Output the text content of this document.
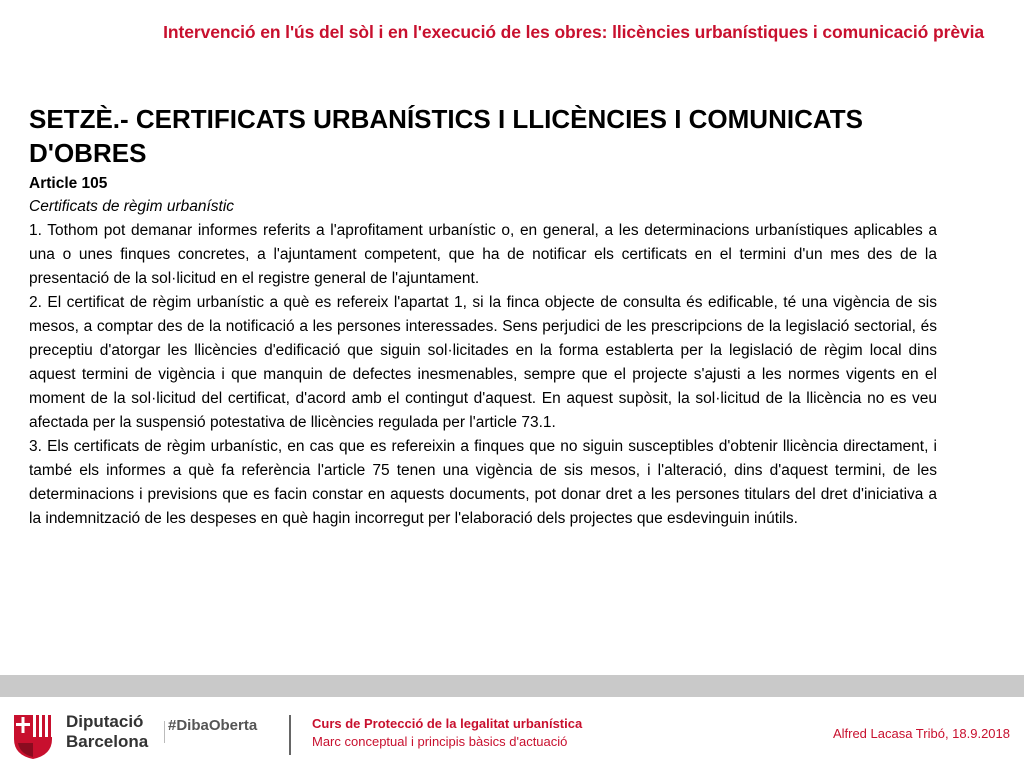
Intervenció en l'ús del sòl i en l'execució de les obres: llicències urbanístiques i comunicació prèvia
SETZÈ.- CERTIFICATS URBANÍSTICS I LLICÈNCIES I COMUNICATS D'OBRES
Article 105
Certificats de règim urbanístic

1. Tothom pot demanar informes referits a l'aprofitament urbanístic o, en general, a les determinacions urbanístiques aplicables a una o unes finques concretes, a l'ajuntament competent, que ha de notificar els certificats en el termini d'un mes des de la presentació de la sol·licitud en el registre general de l'ajuntament.

2. El certificat de règim urbanístic a què es refereix l'apartat 1, si la finca objecte de consulta és edificable, té una vigència de sis mesos, a comptar des de la notificació a les persones interessades. Sens perjudici de les prescripcions de la legislació sectorial, és preceptiu d'atorgar les llicències d'edificació que siguin sol·licitades en la forma establerta per la legislació de règim local dins aquest termini de vigència i que manquin de defectes inesmenables, sempre que el projecte s'ajusti a les normes vigents en el moment de la sol·licitud del certificat, d'acord amb el contingut d'aquest. En aquest supòsit, la sol·licitud de la llicència no es veu afectada per la suspensió potestativa de llicències regulada per l'article 73.1.

3. Els certificats de règim urbanístic, en cas que es refereixin a finques que no siguin susceptibles d'obtenir llicència directament, i també els informes a què fa referència l'article 75 tenen una vigència de sis mesos, i l'alteració, dins d'aquest termini, de les determinacions i previsions que es facin constar en aquests documents, pot donar dret a les persones titulars del dret d'iniciativa a la indemnització de les despeses en què hagin incorregut per l'elaboració dels projectes que esdevinguin inútils.

Diputació
Barcelona
#DibaOberta	Curs de Protecció de la legalitat urbanística
Marc conceptual i principis bàsics d'actuació
Alfred Lacasa Tribó, 18.9.2018
